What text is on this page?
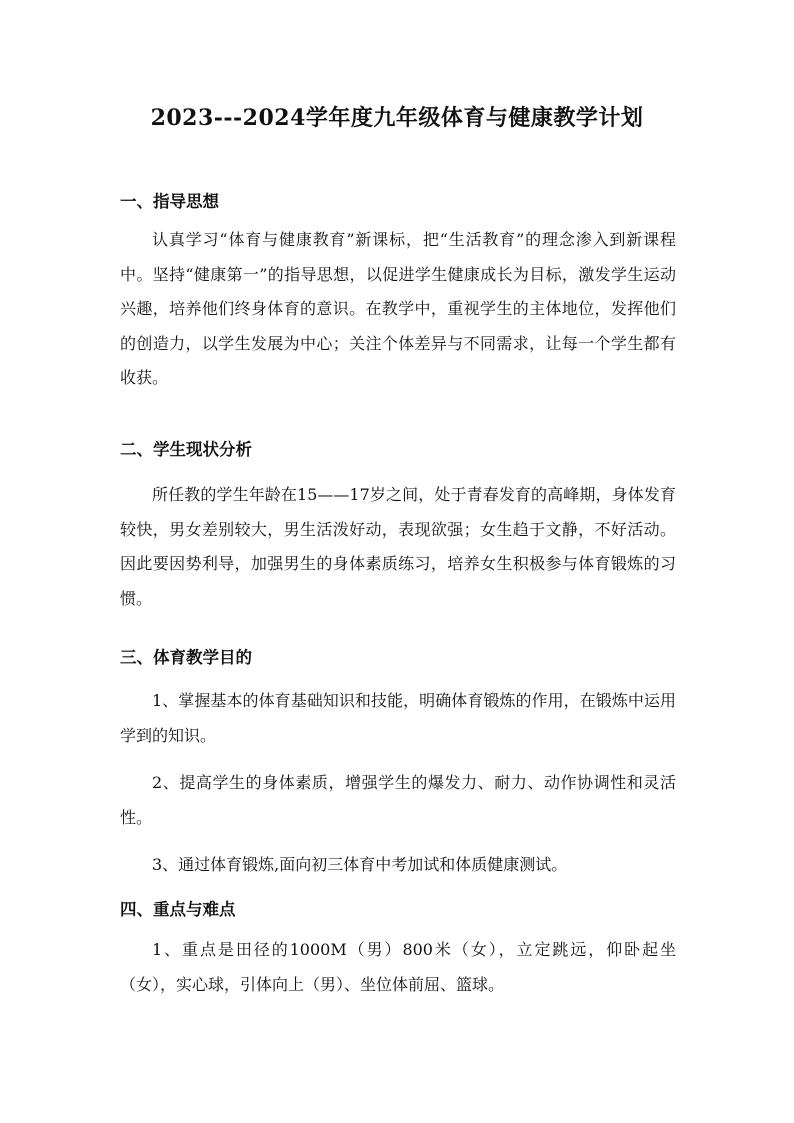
2023---2024学年度九年级体育与健康教学计划
一、指导思想
认真学习“体育与健康教育”新课标，把“生活教育”的理念渗入到新课程中。坚持“健康第一”的指导思想，以促进学生健康成长为目标，激发学生运动兴趣，培养他们终身体育的意识。在教学中，重视学生的主体地位，发挥他们的创造力，以学生发展为中心；关注个体差异与不同需求，让每一个学生都有收获。
二、学生现状分析
所任教的学生年龄在15——17岁之间，处于青春发育的高峰期，身体发育较快，男女差别较大，男生活泼好动，表现欲强；女生趋于文静，不好活动。因此要因势利导，加强男生的身体素质练习，培养女生积极参与体育锻炼的习惯。
三、体育教学目的
1、掌握基本的体育基础知识和技能，明确体育锻炼的作用，在锻炼中运用学到的知识。
2、提高学生的身体素质，增强学生的爆发力、耐力、动作协调性和灵活性。
3、通过体育锻炼,面向初三体育中考加试和体质健康测试。
四、重点与难点
1、重点是田径的1000M（男）800米（女），立定跳远，仰卧起坐（女），实心球，引体向上（男）、坐位体前屈、篮球。
